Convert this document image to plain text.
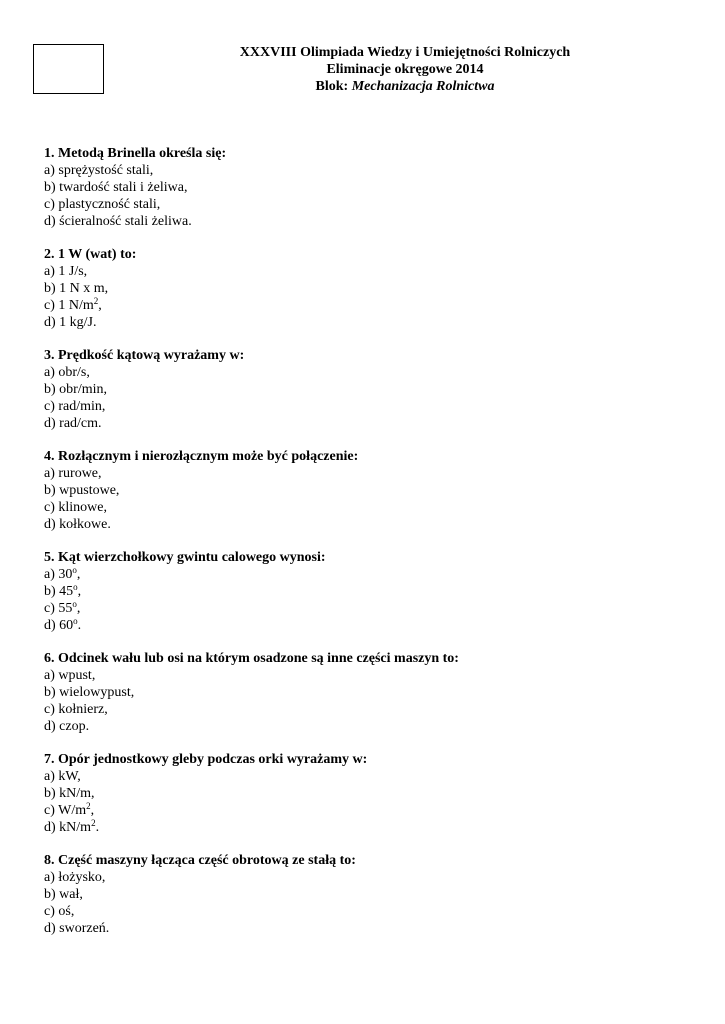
XXXVIII Olimpiada Wiedzy i Umiejętności Rolniczych
Eliminacje okręgowe 2014
Blok: Mechanizacja Rolnictwa
1. Metodą Brinella określa się:
a) sprężystość stali,
b) twardość stali i żeliwa,
c) plastyczność stali,
d) ścieralność stali żeliwa.
2. 1 W (wat) to:
a) 1 J/s,
b) 1 N x m,
c) 1 $N/m^2$,
d) 1 kg/J.
3. Prędkość kątową wyrażamy w:
a) obr/s,
b) obr/min,
c) rad/min,
d) rad/cm.
4. Rozłącznym i nierozłącznym może być połączenie:
a) rurowe,
b) wpustowe,
c) klinowe,
d) kołkowe.
5. Kąt wierzchołkowy gwintu calowego wynosi:
a) 30$^o$,
b) 45$^o$,
c) 55$^o$,
d) 60$^o$.
6. Odcinek wału lub osi na którym osadzone są inne części maszyn to:
a) wpust,
b) wielowypust,
c) kołnierz,
d) czop.
7. Opór jednostkowy gleby podczas orki wyrażamy w:
a) kW,
b) kN/m,
c) $W/m^2$,
d) $kN/m^2$.
8. Część maszyny łącząca część obrotową ze stałą to:
a) łożysko,
b) wał,
c) oś,
d) sworzeń.
